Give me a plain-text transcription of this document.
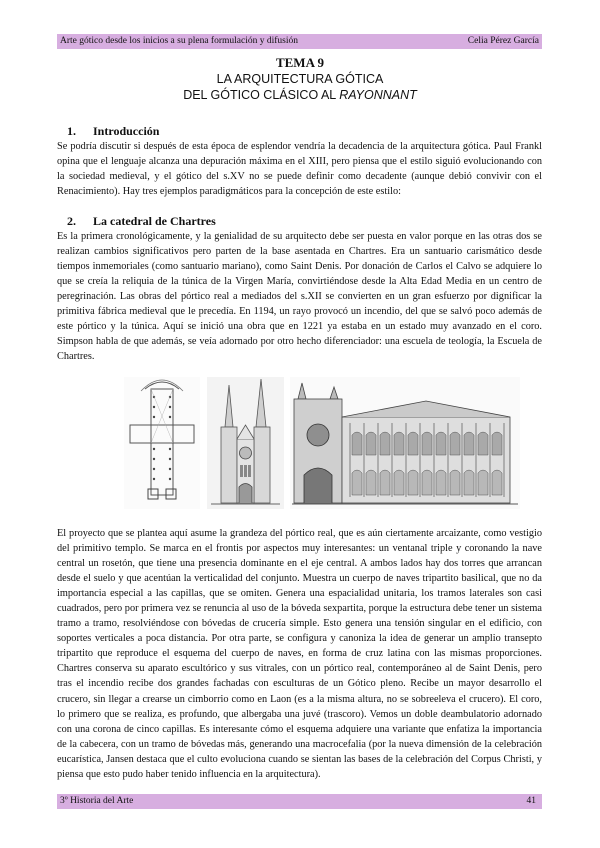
Arte gótico desde los inicios a su plena formulación y difusión	Celia Pérez García
TEMA 9
LA ARQUITECTURA GÓTICA
DEL GÓTICO CLÁSICO AL RAYONNANT
1. Introducción
Se podría discutir si después de esta época de esplendor vendría la decadencia de la arquitectura gótica. Paul Frankl opina que el lenguaje alcanza una depuración máxima en el XIII, pero piensa que el estilo siguió evolucionando con la sociedad medieval, y el gótico del s.XV no se puede definir como decadente (aunque debió convivir con el Renacimiento). Hay tres ejemplos paradigmáticos para la concepción de este estilo:
2. La catedral de Chartres
Es la primera cronológicamente, y la genialidad de su arquitecto debe ser puesta en valor porque en las otras dos se realizan cambios significativos pero parten de la base asentada en Chartres. Era un santuario carismático desde tiempos inmemoriales (como santuario mariano), como Saint Denis. Por donación de Carlos el Calvo se adquiere lo que se creía la reliquia de la túnica de la Virgen María, convirtiéndose desde la Alta Edad Media en un centro de peregrinación. Las obras del pórtico real a mediados del s.XII se convierten en un gran esfuerzo por dignificar la primitiva fábrica medieval que le precedía. En 1194, un rayo provocó un incendio, del que se salvó poco además de este pórtico y la túnica. Aquí se inició una obra que en 1221 ya estaba en un estado muy avanzado en el coro. Simpson habla de que además, se veía adornado por otro hecho diferenciador: una escuela de teología, la Escuela de Chartres.
El proyecto que se plantea aquí asume la grandeza del pórtico real, que es aún ciertamente arcaizante, como vestigio del primitivo templo. Se marca en el frontis por aspectos muy interesantes: un ventanal triple y coronando la nave central un rosetón, que tiene una presencia dominante en el eje central. A ambos lados hay dos torres que arrancan desde el suelo y que acentúan la verticalidad del conjunto. Muestra un cuerpo de naves tripartito basilical, que no da importancia especial a las capillas, que se omiten. Genera una espacialidad unitaria, los tramos laterales son casi cuadrados, pero por primera vez se renuncia al uso de la bóveda sexpartita, porque la estructura debe tener un sistema tramo a tramo, resolviéndose con bóvedas de crucería simple. Esto genera una tensión singular en el edificio, con soportes verticales a poca distancia. Por otra parte, se configura y canoniza la idea de generar un amplio transepto tripartito que reproduce el esquema del cuerpo de naves, en forma de cruz latina con las mismas proporciones. Chartres conserva su aparato escultórico y sus vitrales, con un pórtico real, contemporáneo al de Saint Denis, pero tras el incendio recibe dos grandes fachadas con esculturas de un Gótico pleno. Recibe un mayor desarrollo el crucero, sin llegar a crearse un cimborrio como en Laon (es a la misma altura, no se sobreeleva el crucero). El coro, lo primero que se realiza, es profundo, que albergaba una juvé (trascoro). Vemos un doble deambulatorio adornado con una corona de cinco capillas. Es interesante cómo el esquema adquiere una variante que enfatiza la importancia de la cabecera, con un tramo de bóvedas más, generando una macrocefalia (por la nueva dimensión de la celebración eucarística, Jansen destaca que el culto evoluciona cuando se sientan las bases de la celebración del Corpus Christi, y piensa que esto pudo haber tenido influencia en la arquitectura).
3º Historia del Arte	41
